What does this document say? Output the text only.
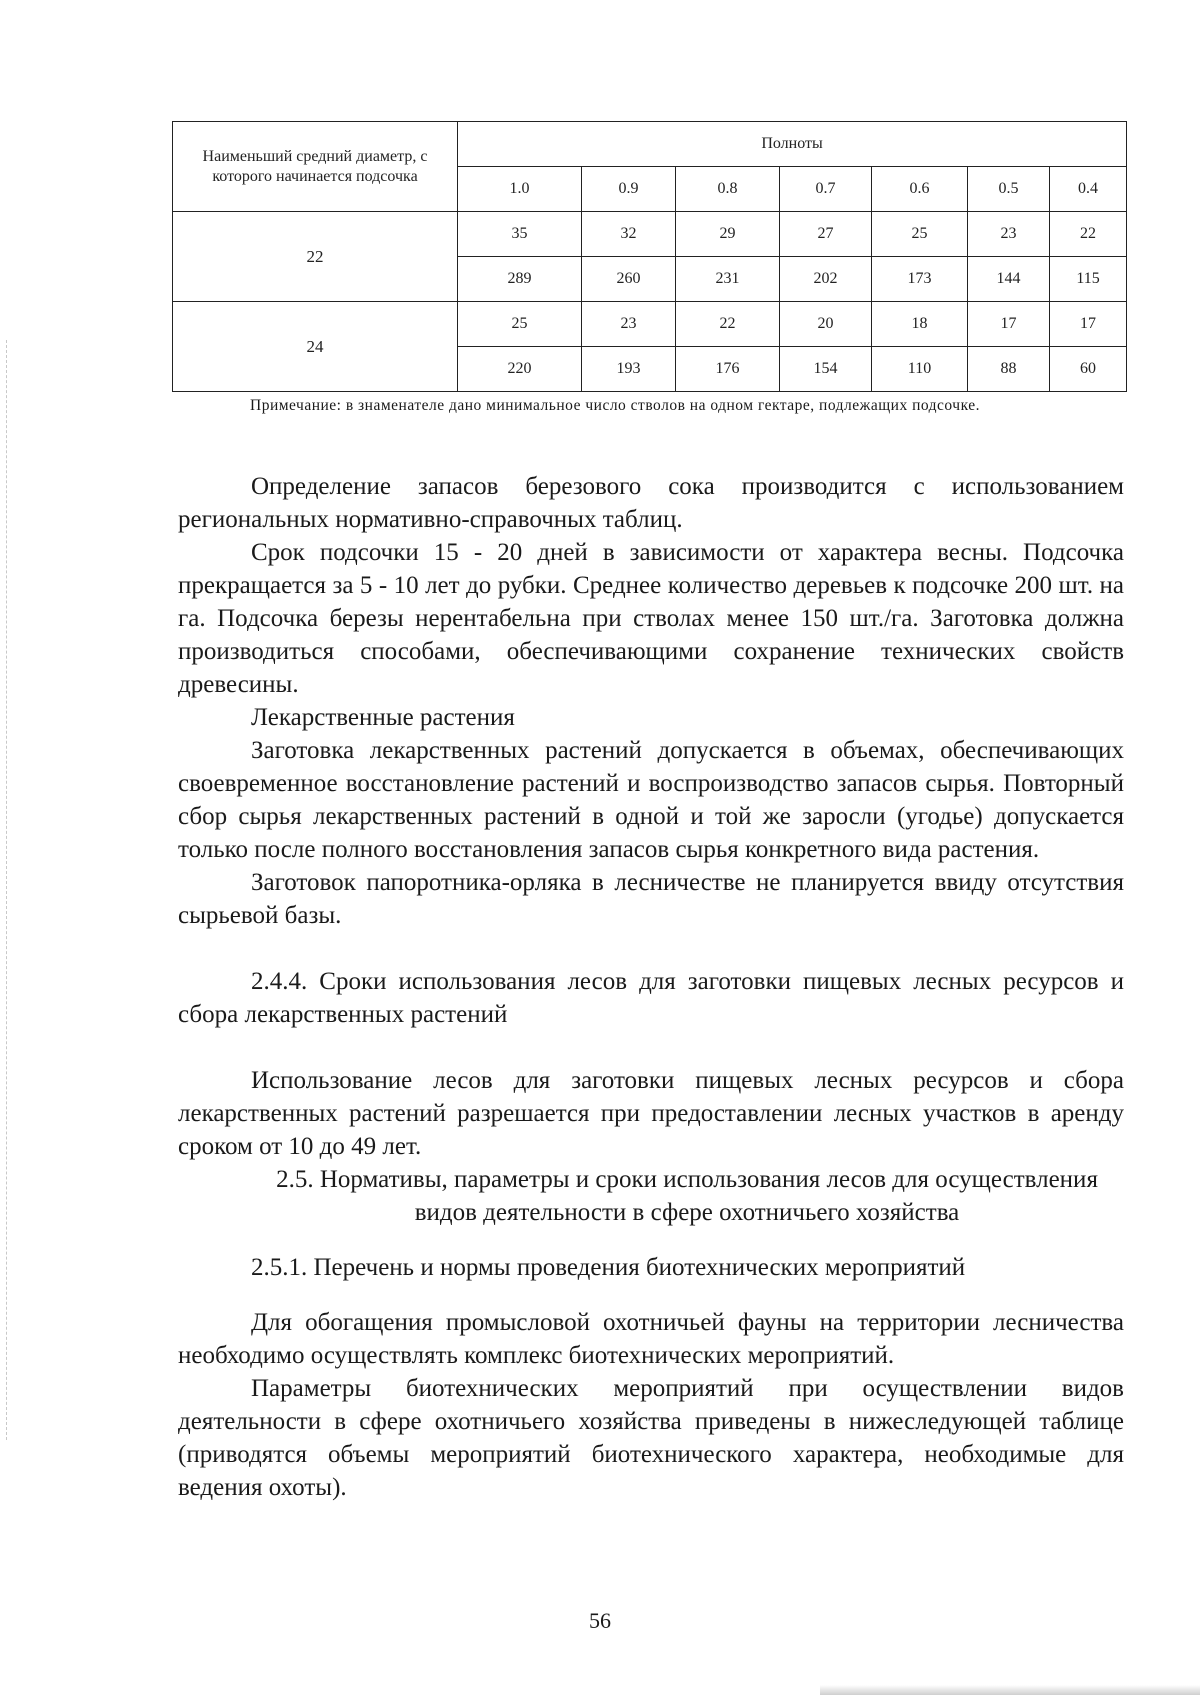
Наименьший средний диаметр, с которого начинается подсочка	Полноты						
	1.0	0.9	0.8	0.7	0.6	0.5	0.4
22	35	32	29	27	25	23	22
	289	260	231	202	173	144	115
24	25	23	22	20	18	17	17
	220	193	176	154	110	88	60
Примечание: в знаменателе дано минимальное число стволов на одном гектаре, подлежащих подсочке.

Определение запасов березового сока производится с использованием региональных нормативно-справочных таблиц.

Срок подсочки 15 - 20 дней в зависимости от характера весны. Подсочка прекращается за 5 - 10 лет до рубки. Среднее количество деревьев к подсочке 200 шт. на га. Подсочка березы нерентабельна при стволах менее 150 шт./га. Заготовка должна производиться способами, обеспечивающими сохранение технических свойств древесины.

Лекарственные растения

Заготовка лекарственных растений допускается в объемах, обеспечивающих своевременное восстановление растений и воспроизводство запасов сырья. Повторный сбор сырья лекарственных растений в одной и той же заросли (угодье) допускается только после полного восстановления запасов сырья конкретного вида растения.

Заготовок папоротника-орляка в лесничестве не планируется ввиду отсутствия сырьевой базы.

2.4.4. Сроки использования лесов для заготовки пищевых лесных ресурсов и сбора лекарственных растений

Использование лесов для заготовки пищевых лесных ресурсов и сбора лекарственных растений разрешается при предоставлении лесных участков в аренду сроком от 10 до 49 лет.

2.5. Нормативы, параметры и сроки использования лесов для осуществления видов деятельности в сфере охотничьего хозяйства

2.5.1. Перечень и нормы проведения биотехнических мероприятий

Для обогащения промысловой охотничьей фауны на территории лесничества необходимо осуществлять комплекс биотехнических мероприятий.

Параметры биотехнических мероприятий при осуществлении видов деятельности в сфере охотничьего хозяйства приведены в нижеследующей таблице (приводятся объемы мероприятий биотехнического характера, необходимые для ведения охоты).

56
